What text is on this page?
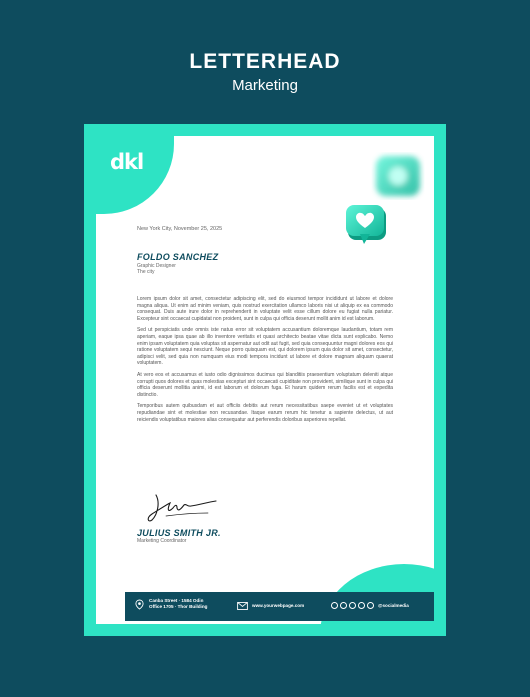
LETTERHEAD
Marketing
dkl
New York City, November 25, 2025
FOLDO SANCHEZ
Graphic Designer
The city

Lorem ipsum dolor sit amet, consectetur adipiscing elit, sed do eiusmod tempor incididunt ut labore et dolore magna aliqua. Ut enim ad minim veniam, quis nostrud exercitation ullamco laboris nisi ut aliquip ex ea commodo consequat. Duis aute irure dolor in reprehenderit in voluptate velit esse cillum dolore eu fugiat nulla pariatur. Excepteur sint occaecat cupidatat non proident, sunt in culpa qui officia deserunt mollit anim id est laborum.

Sed ut perspiciatis unde omnis iste natus error sit voluptatem accusantium doloremque laudantium, totam rem aperiam, eaque ipsa quae ab illo inventore veritatis et quasi architecto beatae vitae dicta sunt explicabo. Nemo enim ipsam voluptatem quia voluptas sit aspernatur aut odit aut fugit, sed quia consequuntur magni dolores eos qui ratione voluptatem sequi nesciunt. Neque porro quisquam est, qui dolorem ipsum quia dolor sit amet, consectetur, adipisci velit, sed quia non numquam eius modi tempora incidunt ut labore et dolore magnam aliquam quaerat voluptatem.

At vero eos et accusamus et iusto odio dignissimos ducimus qui blanditiis praesentium voluptatum deleniti atque corrupti quos dolores et quas molestias excepturi sint occaecati cupiditate non provident, similique sunt in culpa qui officia deserunt mollitia animi, id est laborum et dolorum fuga. Et harum quidem rerum facilis est et expedita distinctio.

Temporibus autem quibusdam et aut officiis debitis aut rerum necessitatibus saepe eveniet ut et voluptates repudiandae sint et molestiae non recusandae. Itaque earum rerum hic tenetur a sapiente delectus, ut aut reiciendis voluptatibus maiores alias consequatur aut perferendis doloribus asperiores repellat.

JULIUS SMITH JR.
Marketing Coordinator
Canba Street · 1584 Odin
Office 1705 · Thor Building	www.yourwebpage.com	@socialmedia
